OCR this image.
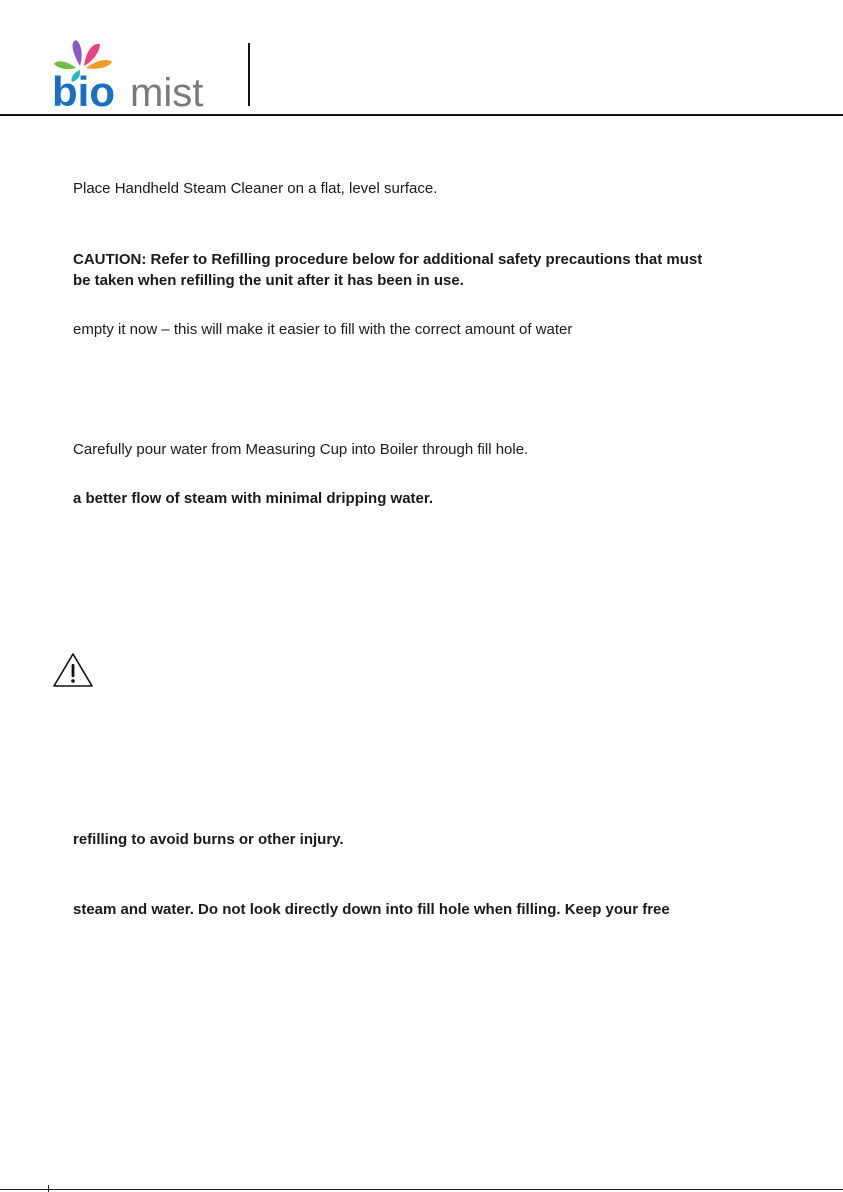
bio mist
Place Handheld Steam Cleaner on a flat, level surface.
CAUTION: Refer to Refilling procedure below for additional safety precautions that must
be taken when refilling the unit after it has been in use.
empty it now – this will make it easier to fill with the correct amount of water
Carefully pour water from Measuring Cup into Boiler through fill hole.
a better flow of steam with minimal dripping water.
refilling to avoid burns or other injury.
steam and water. Do not look directly down into fill hole when filling. Keep your free
